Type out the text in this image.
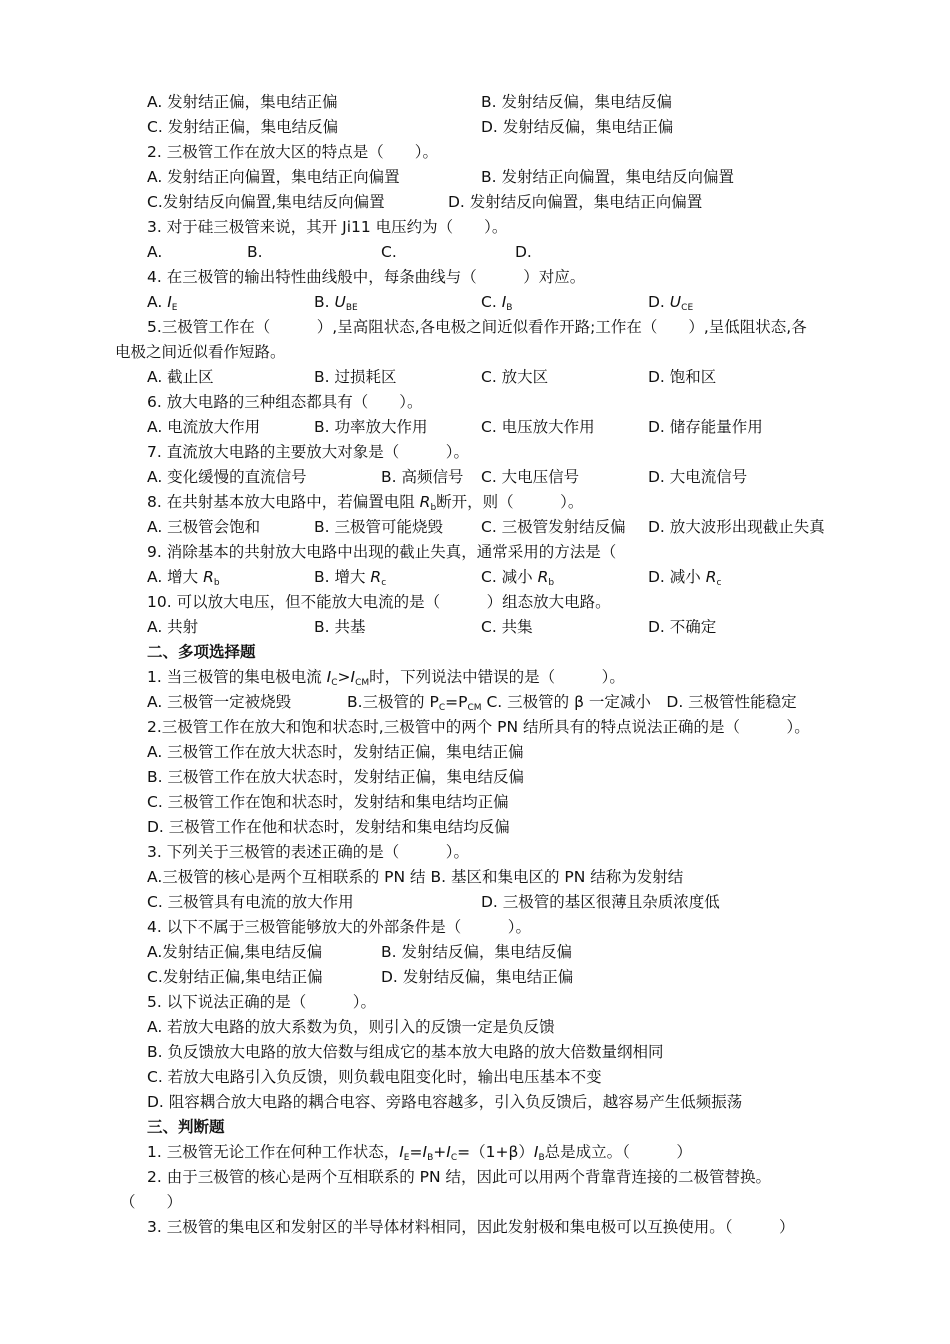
A. 发射结正偏，集电结正偏	B. 发射结反偏，集电结反偏
C. 发射结正偏，集电结反偏	D. 发射结反偏，集电结正偏
2. 三极管工作在放大区的特点是（　　）。
A. 发射结正向偏置，集电结正向偏置	B. 发射结正向偏置，集电结反向偏置
C.发射结反向偏置,集电结反向偏置	D. 发射结反向偏置，集电结正向偏置
3. 对于硅三极管来说，其开 Ji11 电压约为（　　）。
A.	B.	C.	D.
4. 在三极管的输出特性曲线般中，每条曲线与（　　　）对应。
A. $I_E$	B. $U_{BE}$	C. $I_B$	D. $U_{CE}$
5.三极管工作在（　　　）,呈高阻状态,各电极之间近似看作开路;工作在（　　）,呈低阻状态,各
电极之间近似看作短路。
A. 截止区	B. 过损耗区	C. 放大区	D. 饱和区
6. 放大电路的三种组态都具有（　　）。
A. 电流放大作用	B. 功率放大作用	C. 电压放大作用	D. 储存能量作用
7. 直流放大电路的主要放大对象是（　　　）。
A. 变化缓慢的直流信号	B. 高频信号 C. 大电压信号	D. 大电流信号
8. 在共射基本放大电路中，若偏置电阻 $R_b$断开，则（　　　）。
A. 三极管会饱和	B. 三极管可能烧毁 C. 三极管发射结反偏 D. 放大波形出现截止失真
9. 消除基本的共射放大电路中出现的截止失真，通常采用的方法是（
A. 增大 $R_b$	B. 增大 $R_c$	C. 减小 $R_b$	D. 减小 $R_c$
10. 可以放大电压，但不能放大电流的是（　　　）组态放大电路。
A. 共射	B. 共基	C. 共集	D. 不确定
二、多项选择题
1. 当三极管的集电极电流 $I_C>I_{CM}$时，下列说法中错误的是（　　　）。
A. 三极管一定被烧毁	B.三极管的 $P_C=P_{CM}$ C. 三极管的 β 一定减小　D. 三极管性能稳定
2.三极管工作在放大和饱和状态时,三极管中的两个 PN 结所具有的特点说法正确的是（　　　）。
A. 三极管工作在放大状态时，发射结正偏，集电结正偏
B. 三极管工作在放大状态时，发射结正偏，集电结反偏
C. 三极管工作在饱和状态时，发射结和集电结均正偏
D. 三极管工作在他和状态时，发射结和集电结均反偏
3. 下列关于三极管的表述正确的是（　　　）。
A.三极管的核心是两个互相联系的 PN 结 B. 基区和集电区的 PN 结称为发射结
C. 三极管具有电流的放大作用	D. 三极管的基区很薄且杂质浓度低
4. 以下不属于三极管能够放大的外部条件是（　　　）。
A.发射结正偏,集电结反偏	B. 发射结反偏，集电结反偏
C.发射结正偏,集电结正偏	D. 发射结反偏，集电结正偏
5. 以下说法正确的是（　　　）。
A. 若放大电路的放大系数为负，则引入的反馈一定是负反馈
B. 负反馈放大电路的放大倍数与组成它的基本放大电路的放大倍数量纲相同
C. 若放大电路引入负反馈，则负载电阻变化时，输出电压基本不变
D. 阻容耦合放大电路的耦合电容、旁路电容越多，引入负反馈后，越容易产生低频振荡
三、判断题
1. 三极管无论工作在何种工作状态，$I_E=I_B+I_C=(1+\beta)I_B$总是成立。（　　　）
2. 由于三极管的核心是两个互相联系的 PN 结，因此可以用两个背靠背连接的二极管替换。
（　　）
3. 三极管的集电区和发射区的半导体材料相同，因此发射极和集电极可以互换使用。（　　　）
